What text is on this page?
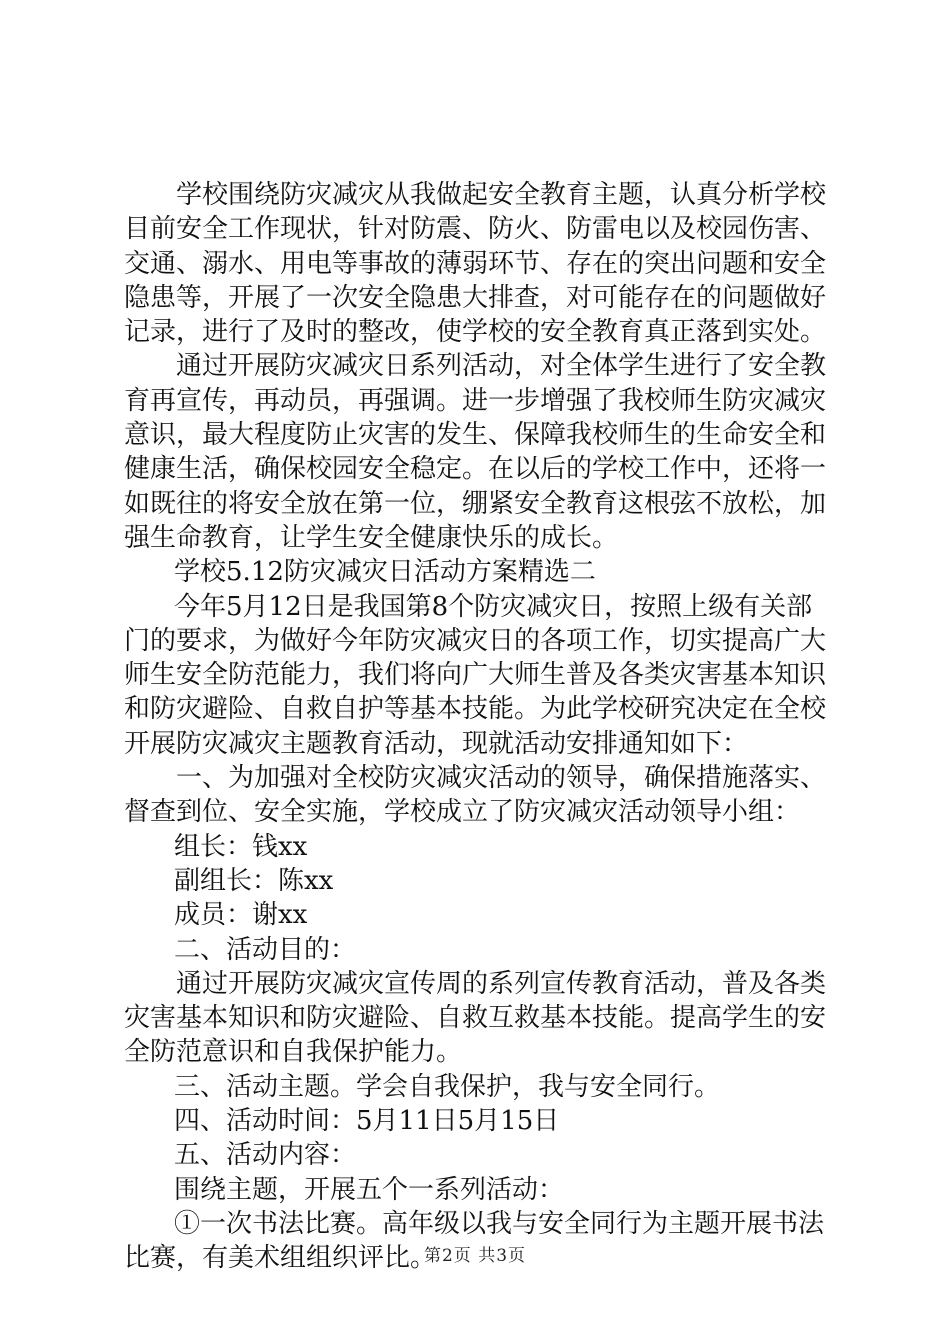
学校围绕防灾减灾从我做起安全教育主题，认真分析学校
目前安全工作现状，针对防震、防火、防雷电以及校园伤害、
交通、溺水、用电等事故的薄弱环节、存在的突出问题和安全
隐患等，开展了一次安全隐患大排查，对可能存在的问题做好
记录，进行了及时的整改，使学校的安全教育真正落到实处。
通过开展防灾减灾日系列活动，对全体学生进行了安全教
育再宣传，再动员，再强调。进一步增强了我校师生防灾减灾
意识，最大程度防止灾害的发生、保障我校师生的生命安全和
健康生活，确保校园安全稳定。在以后的学校工作中，还将一
如既往的将安全放在第一位，绷紧安全教育这根弦不放松，加
强生命教育，让学生安全健康快乐的成长。
学校5.12防灾减灾日活动方案精选二
今年5月12日是我国第8个防灾减灾日，按照上级有关部
门的要求，为做好今年防灾减灾日的各项工作，切实提高广大
师生安全防范能力，我们将向广大师生普及各类灾害基本知识
和防灾避险、自救自护等基本技能。为此学校研究决定在全校
开展防灾减灾主题教育活动，现就活动安排通知如下：
一、为加强对全校防灾减灾活动的领导，确保措施落实、
督查到位、安全实施，学校成立了防灾减灾活动领导小组：
组长：钱xx
副组长：陈xx
成员：谢xx
二、活动目的：
通过开展防灾减灾宣传周的系列宣传教育活动，普及各类
灾害基本知识和防灾避险、自救互救基本技能。提高学生的安
全防范意识和自我保护能力。
三、活动主题。学会自我保护，我与安全同行。
四、活动时间：5月11日5月15日
五、活动内容：
围绕主题，开展五个一系列活动：
①一次书法比赛。高年级以我与安全同行为主题开展书法
比赛，有美术组组织评比。
第2页 共3页
